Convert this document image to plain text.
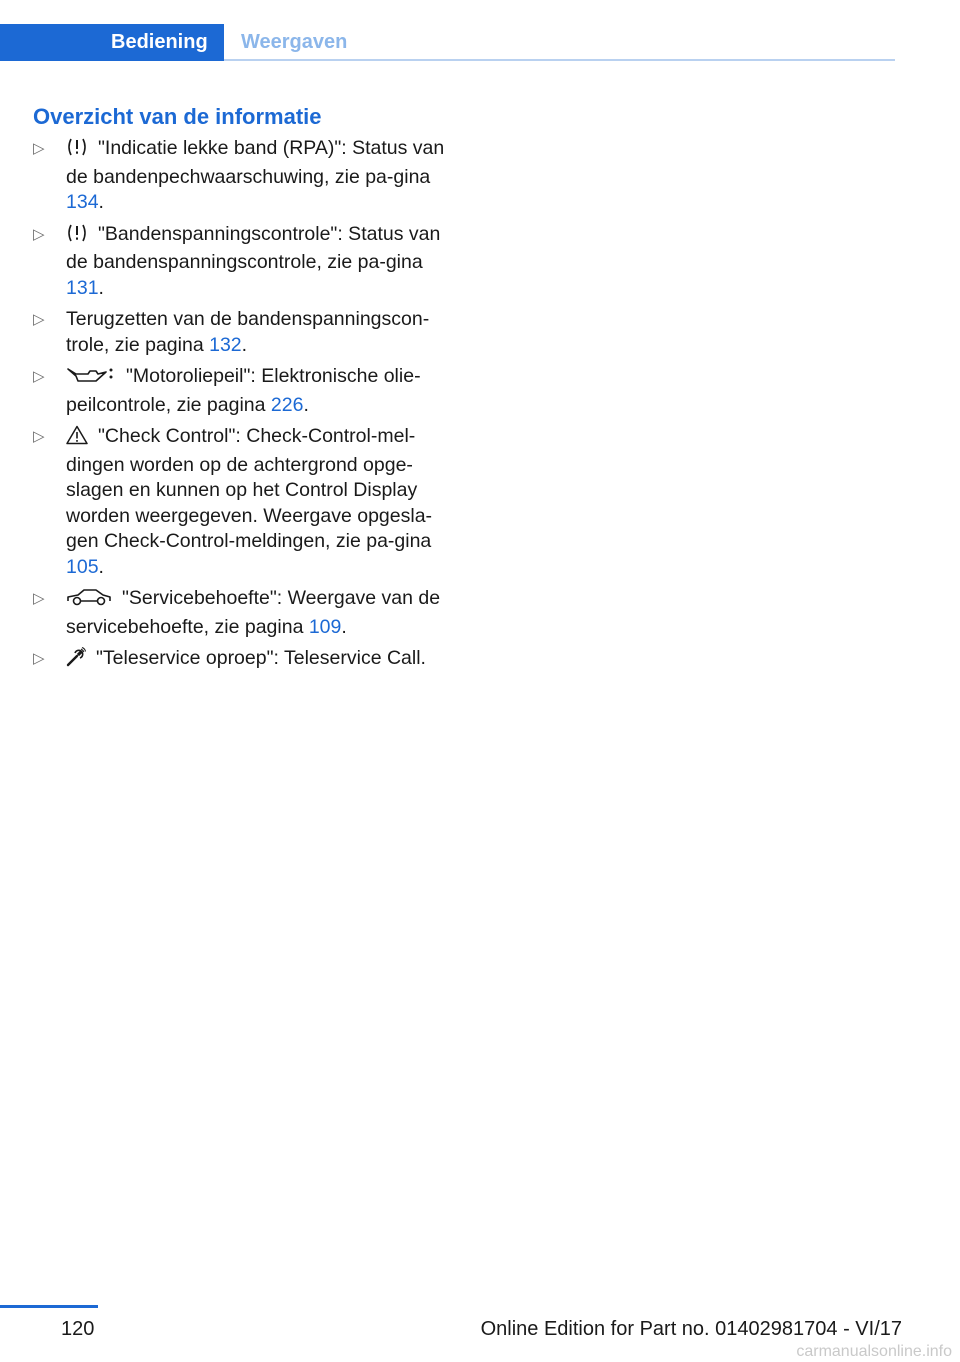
Bediening	Weergaven
Overzicht van de informatie
▷	"Indicatie lekke band (RPA)": Status van de bandenpechwaarschuwing, zie pa-gina 134.
▷	"Bandenspanningscontrole": Status van de bandenspanningscontrole, zie pa-gina 131.
▷ Terugzetten van de bandenspanningscon-trole, zie pagina 132.
▷	"Motoroliepeil": Elektronische olie-peilcontrole, zie pagina 226.
▷	"Check Control": Check-Control-mel-dingen worden op de achtergrond opge-slagen en kunnen op het Control Display worden weergegeven. Weergave opgesla-gen Check-Control-meldingen, zie pa-gina 105.
▷	"Servicebehoefte": Weergave van de servicebehoefte, zie pagina 109.
▷	"Teleservice oproep": Teleservice Call.
120	Online Edition for Part no. 01402981704 - VI/17
carmanualsonline.info
